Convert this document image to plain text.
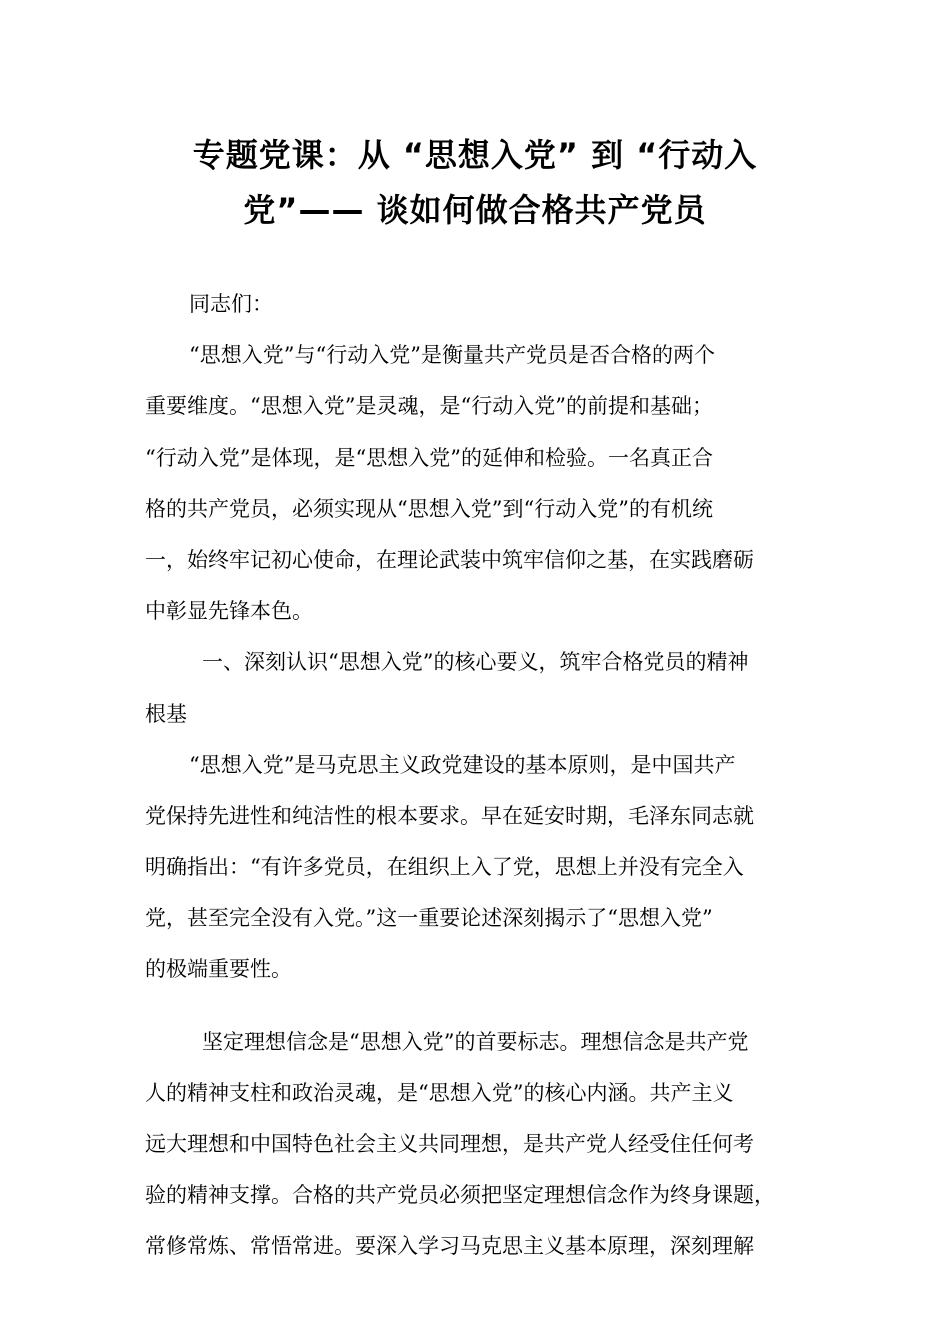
专题党课：从 “思想入党” 到 “行动入
党”—— 谈如何做合格共产党员
同志们：
“思想入党”与“行动入党”是衡量共产党员是否合格的两个
重要维度。“思想入党”是灵魂，是“行动入党”的前提和基础；
“行动入党”是体现，是“思想入党”的延伸和检验。一名真正合
格的共产党员，必须实现从“思想入党”到“行动入党”的有机统
一，始终牢记初心使命，在理论武装中筑牢信仰之基，在实践磨砺
中彰显先锋本色。
一、深刻认识“思想入党”的核心要义，筑牢合格党员的精神
根基
“思想入党”是马克思主义政党建设的基本原则，是中国共产
党保持先进性和纯洁性的根本要求。早在延安时期，毛泽东同志就
明确指出：“有许多党员，在组织上入了党，思想上并没有完全入
党，甚至完全没有入党。”这一重要论述深刻揭示了“思想入党”
的极端重要性。
坚定理想信念是“思想入党”的首要标志。理想信念是共产党
人的精神支柱和政治灵魂，是“思想入党”的核心内涵。共产主义
远大理想和中国特色社会主义共同理想，是共产党人经受住任何考
验的精神支撑。合格的共产党员必须把坚定理想信念作为终身课题，
常修常炼、常悟常进。要深入学习马克思主义基本原理，深刻理解
